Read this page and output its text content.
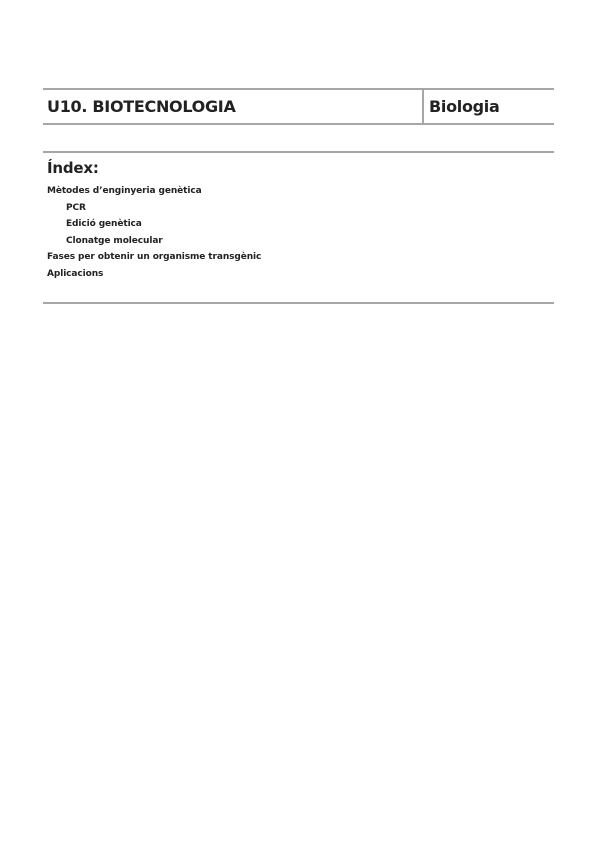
U10. BIOTECNOLOGIA	Biologia
Índex:
Mètodes d’enginyeria genètica
PCR
Edició genètica
Clonatge molecular
Fases per obtenir un organisme transgènic
Aplicacions
